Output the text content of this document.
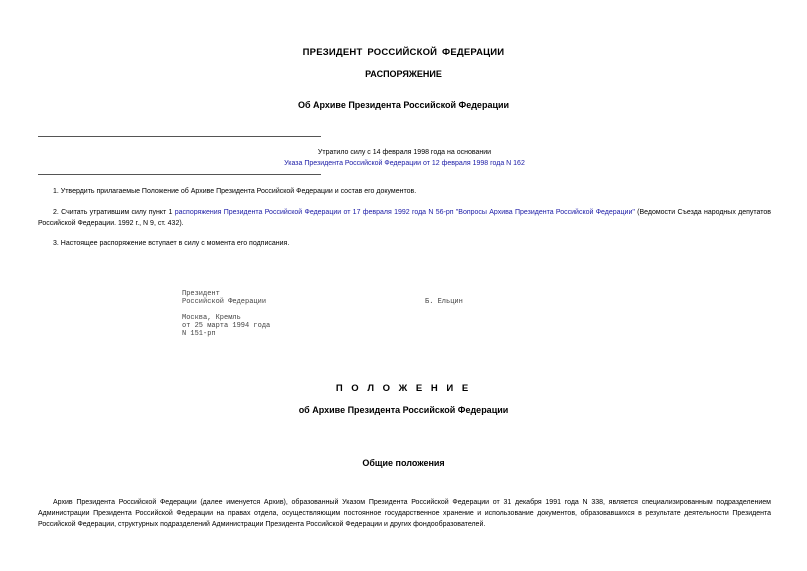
ПРЕЗИДЕНТ РОССИЙСКОЙ ФЕДЕРАЦИИ
РАСПОРЯЖЕНИЕ
Об Архиве Президента Российской Федерации
Утратило силу с 14 февраля 1998 года на основании
Указа Президента Российской Федерации от 12 февраля 1998 года N 162
1. Утвердить прилагаемые Положение об Архиве Президента Российской Федерации и состав его документов.
2. Считать утратившим силу пункт 1 распоряжения Президента Российской Федерации от 17 февраля 1992 года N 56-рп "Вопросы Архива Президента Российской Федерации" (Ведомости Съезда народных депутатов Российской Федерации. 1992 г., N 9, ст. 432).
3. Настоящее распоряжение вступает в силу с момента его подписания.
Президент
Российской Федерации	Б. Ельцин
Москва, Кремль
от 25 марта 1994 года
N 151-рп
П О Л О Ж Е Н И Е
об Архиве Президента Российской Федерации
Общие положения
Архив Президента Российской Федерации (далее именуется Архив), образованный Указом Президента Российской Федерации от 31 декабря 1991 года N 338, является специализированным подразделением Администрации Президента Российской Федерации на правах отдела, осуществляющим постоянное государственное хранение и использование документов, образовавшихся в результате деятельности Президента Российской Федерации, структурных подразделений Администрации Президента Российской Федерации и других фондообразователей.
